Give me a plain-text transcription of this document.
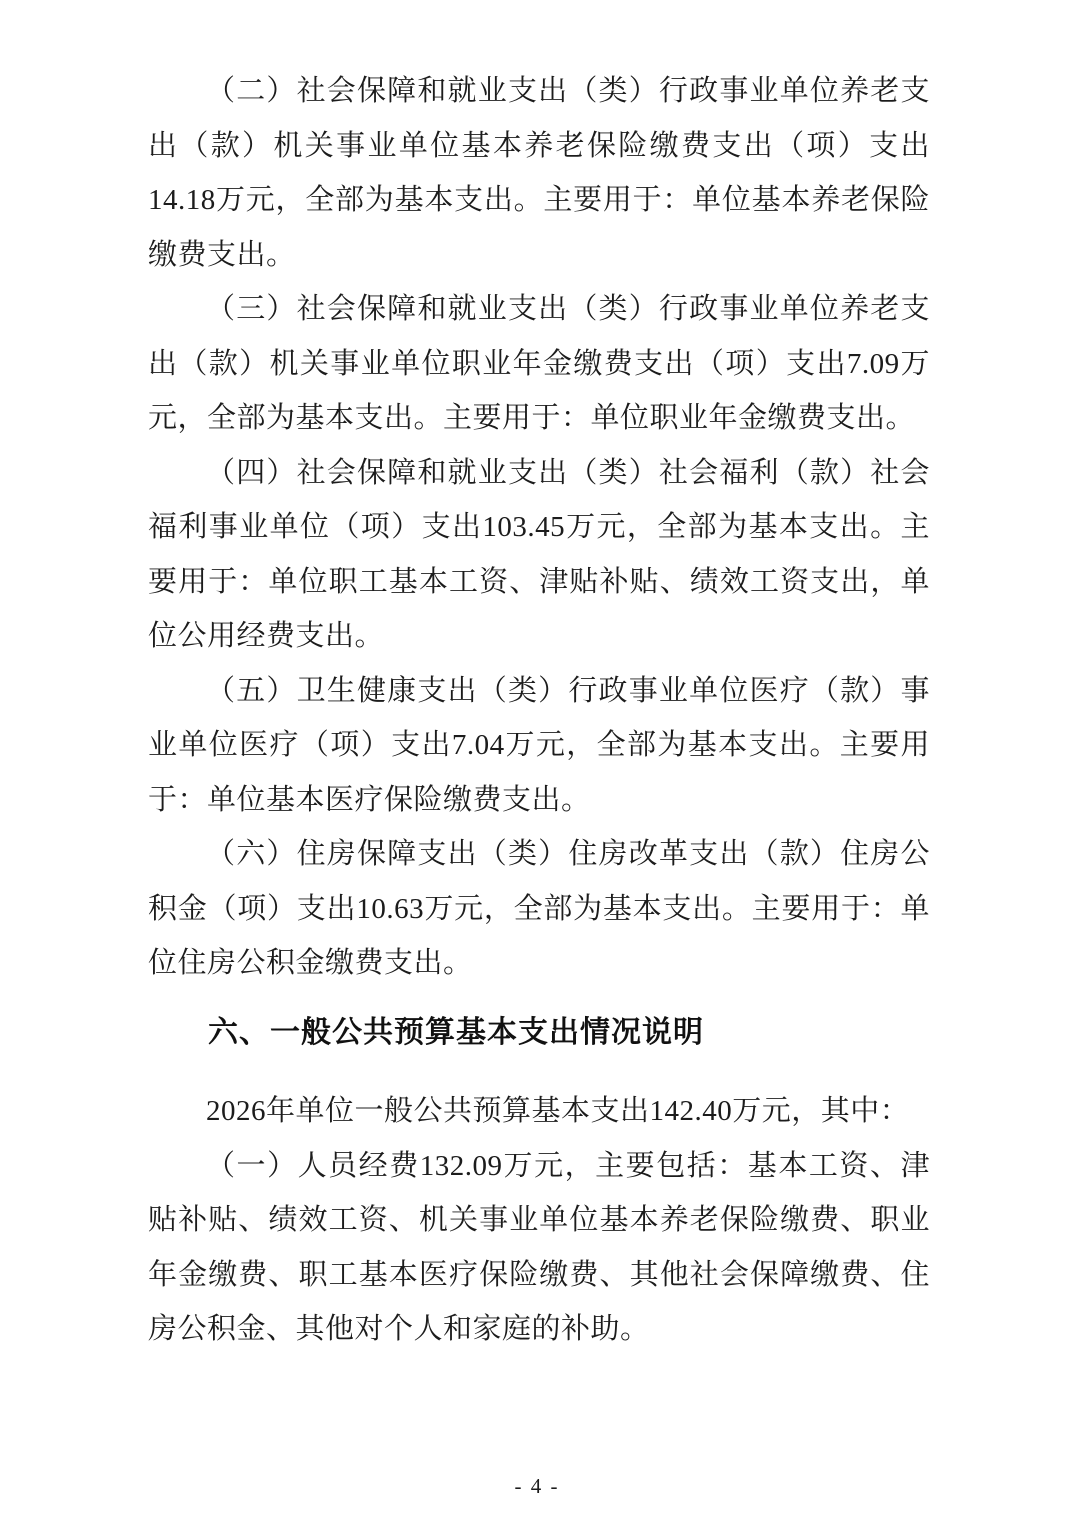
（二）社会保障和就业支出（类）行政事业单位养老支出（款）机关事业单位基本养老保险缴费支出（项）支出14.18万元，全部为基本支出。主要用于：单位基本养老保险缴费支出。

（三）社会保障和就业支出（类）行政事业单位养老支出（款）机关事业单位职业年金缴费支出（项）支出7.09万元，全部为基本支出。主要用于：单位职业年金缴费支出。

（四）社会保障和就业支出（类）社会福利（款）社会福利事业单位（项）支出103.45万元，全部为基本支出。主要用于：单位职工基本工资、津贴补贴、绩效工资支出，单位公用经费支出。

（五）卫生健康支出（类）行政事业单位医疗（款）事业单位医疗（项）支出7.04万元，全部为基本支出。主要用于：单位基本医疗保险缴费支出。

（六）住房保障支出（类）住房改革支出（款）住房公积金（项）支出10.63万元，全部为基本支出。主要用于：单位住房公积金缴费支出。

六、一般公共预算基本支出情况说明

2026年单位一般公共预算基本支出142.40万元，其中：

（一）人员经费132.09万元，主要包括：基本工资、津贴补贴、绩效工资、机关事业单位基本养老保险缴费、职业年金缴费、职工基本医疗保险缴费、其他社会保障缴费、住房公积金、其他对个人和家庭的补助。

- 4 -
